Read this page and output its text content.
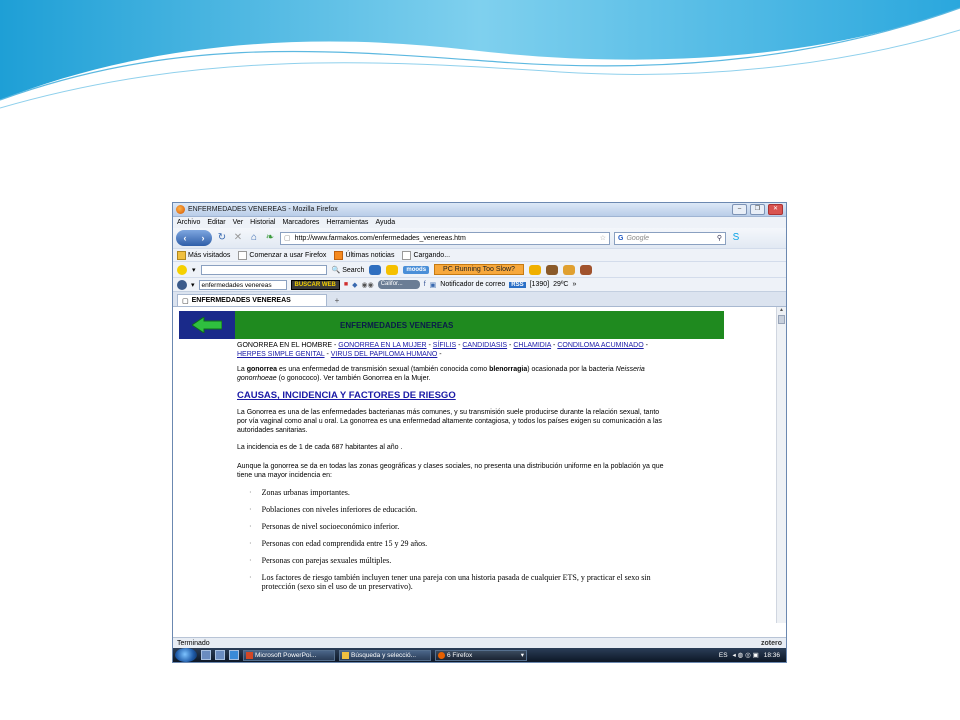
ENFERMEDADES VENEREAS - Mozilla Firefox	–	❐	✕
Archivo Editar Ver Historial Marcadores Herramientas Ayuda
‹ › ↻ ✕ ⌂ ❧ ▢ http://www.farmakos.com/enfermedades_venereas.htm	☆ G Google	⚲ S
Más visitados	Comenzar a usar Firefox	Últimas noticias	Cargando...
▾	🔍 Search	moods	PC Running Too Slow?
▾	enfermedades venereas	BUSCAR WEB	■ ◆ ◉◉	Califor...	f ▣ Notificador de correo	RSS [1390] 29ºC »
▢ ENFERMEDADES VENEREAS	+
ENFERMEDADES VENEREAS

GONORREA EN EL HOMBRE - GONORREA EN LA MUJER - SÍFILIS - CANDIDIASIS - CHLAMIDIA - CONDILOMA ACUMINADO - HERPES SIMPLE GENITAL - VIRUS DEL PAPILOMA HUMANO -

La gonorrea es una enfermedad de transmisión sexual (también conocida como blenorragia) ocasionada por la bacteria Neisseria gonorrhoeae (o gonococo). Ver también Gonorrea en la Mujer.

CAUSAS, INCIDENCIA Y FACTORES DE RIESGO

La Gonorrea es una de las enfermedades bacterianas más comunes, y su transmisión suele producirse durante la relación sexual, tanto por vía vaginal como anal u oral. La gonorrea es una enfermedad altamente contagiosa, y todos los países exigen su comunicación a las autoridades sanitarias.

La incidencia es de 1 de cada 687 habitantes al año .

Aunque la gonorrea se da en todas las zonas geográficas y clases sociales, no presenta una distribución uniforme en la población ya que tiene una mayor incidencia en:

· Zonas urbanas importantes.
· Poblaciones con niveles inferiores de educación.
· Personas de nivel socioeconómico inferior.
· Personas con edad comprendida entre 15 y 29 años.
· Personas con parejas sexuales múltiples.
· Los factores de riesgo también incluyen tener una pareja con una historia pasada de cualquier ETS, y practicar el sexo sin protección (sexo sin el uso de un preservativo).
▲
Terminado	zotero
Microsoft PowerPoi...	Búsqueda y selecció...	6 Firefox	▾	ES ◂ ◍ ◎ ▣ 18:36
